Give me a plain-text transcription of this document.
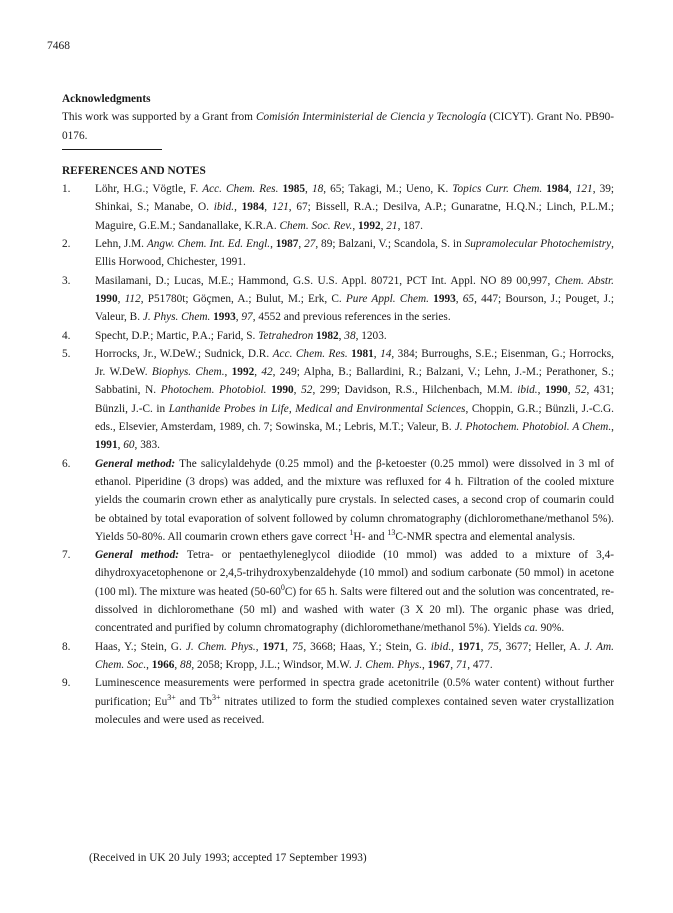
7468
Acknowledgments
This work was supported by a Grant from Comisión Interministerial de Ciencia y Tecnología (CICYT). Grant No. PB90-0176.
REFERENCES AND NOTES
1.	Löhr, H.G.; Vögtle, F. Acc. Chem. Res. 1985, 18, 65; Takagi, M.; Ueno, K. Topics Curr. Chem. 1984, 121, 39; Shinkai, S.; Manabe, O. ibid., 1984, 121, 67; Bissell, R.A.; Desilva, A.P.; Gunaratne, H.Q.N.; Linch, P.L.M.; Maguire, G.E.M.; Sandanallake, K.R.A. Chem. Soc. Rev., 1992, 21, 187.
2.	Lehn, J.M. Angw. Chem. Int. Ed. Engl., 1987, 27, 89; Balzani, V.; Scandola, S. in Supramolecular Photochemistry, Ellis Horwood, Chichester, 1991.
3.	Masilamani, D.; Lucas, M.E.; Hammond, G.S. U.S. Appl. 80721, PCT Int. Appl. NO 89 00,997, Chem. Abstr. 1990, 112, P51780t; Göçmen, A.; Bulut, M.; Erk, C. Pure Appl. Chem. 1993, 65, 447; Bourson, J.; Pouget, J.; Valeur, B. J. Phys. Chem. 1993, 97, 4552 and previous references in the series.
4.	Specht, D.P.; Martic, P.A.; Farid, S. Tetrahedron 1982, 38, 1203.
5.	Horrocks, Jr., W.DeW.; Sudnick, D.R. Acc. Chem. Res. 1981, 14, 384; Burroughs, S.E.; Eisenman, G.; Horrocks, Jr. W.DeW. Biophys. Chem., 1992, 42, 249; Alpha, B.; Ballardini, R.; Balzani, V.; Lehn, J.-M.; Perathoner, S.; Sabbatini, N. Photochem. Photobiol. 1990, 52, 299; Davidson, R.S., Hilchenbach, M.M. ibid., 1990, 52, 431; Bünzli, J.-C. in Lanthanide Probes in Life, Medical and Environmental Sciences, Choppin, G.R.; Bünzli, J.-C.G. eds., Elsevier, Amsterdam, 1989, ch. 7; Sowinska, M.; Lebris, M.T.; Valeur, B. J. Photochem. Photobiol. A Chem., 1991, 60, 383.
6.	General method: The salicylaldehyde (0.25 mmol) and the β-ketoester (0.25 mmol) were dissolved in 3 ml of ethanol. Piperidine (3 drops) was added, and the mixture was refluxed for 4 h. Filtration of the cooled mixture yields the coumarin crown ether as analytically pure crystals. In selected cases, a second crop of coumarin could be obtained by total evaporation of solvent followed by column chromatography (dichloromethane/methanol 5%). Yields 50-80%. All coumarin crown ethers gave correct $^1$H- and $^{13}$C-NMR spectra and elemental analysis.
7.	General method: Tetra- or pentaethyleneglycol diiodide (10 mmol) was added to a mixture of 3,4-dihydroxyacetophenone or 2,4,5-trihydroxybenzaldehyde (10 mmol) and sodium carbonate (50 mmol) in acetone (100 ml). The mixture was heated $(50-60^0C)$ for 65 h. Salts were filtered out and the solution was concentrated, re-dissolved in dichloromethane (50 ml) and washed with water (3 X 20 ml). The organic phase was dried, concentrated and purified by column chromatography (dichloromethane/methanol 5%). Yields ca. 90%.
8.	Haas, Y.; Stein, G. J. Chem. Phys., 1971, 75, 3668; Haas, Y.; Stein, G. ibid., 1971, 75, 3677; Heller, A. J. Am. Chem. Soc., 1966, 88, 2058; Kropp, J.L.; Windsor, M.W. J. Chem. Phys., 1967, 71, 477.
9.	Luminescence measurements were performed in spectra grade acetonitrile (0.5% water content) without further purification; $Eu^{3+}$ and $Tb^{3+}$ nitrates utilized to form the studied complexes contained seven water crystallization molecules and were used as received.
(Received in UK 20 July 1993; accepted 17 September 1993)
